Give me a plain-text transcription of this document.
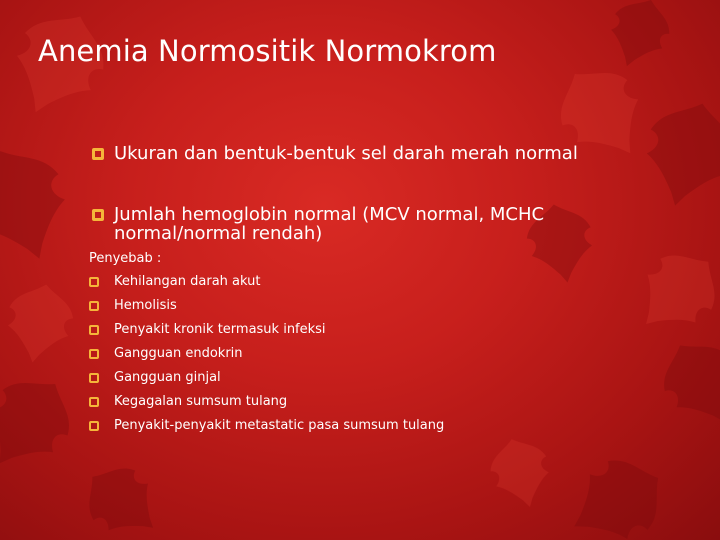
Anemia Normositik Normokrom
Ukuran dan bentuk-bentuk sel darah merah normal
Jumlah hemoglobin normal (MCV normal, MCHC normal/normal rendah)

Penyebab :

Kehilangan darah akut
Hemolisis
Penyakit kronik termasuk infeksi
Gangguan endokrin
Gangguan ginjal
Kegagalan sumsum tulang
Penyakit-penyakit metastatic pasa sumsum tulang
